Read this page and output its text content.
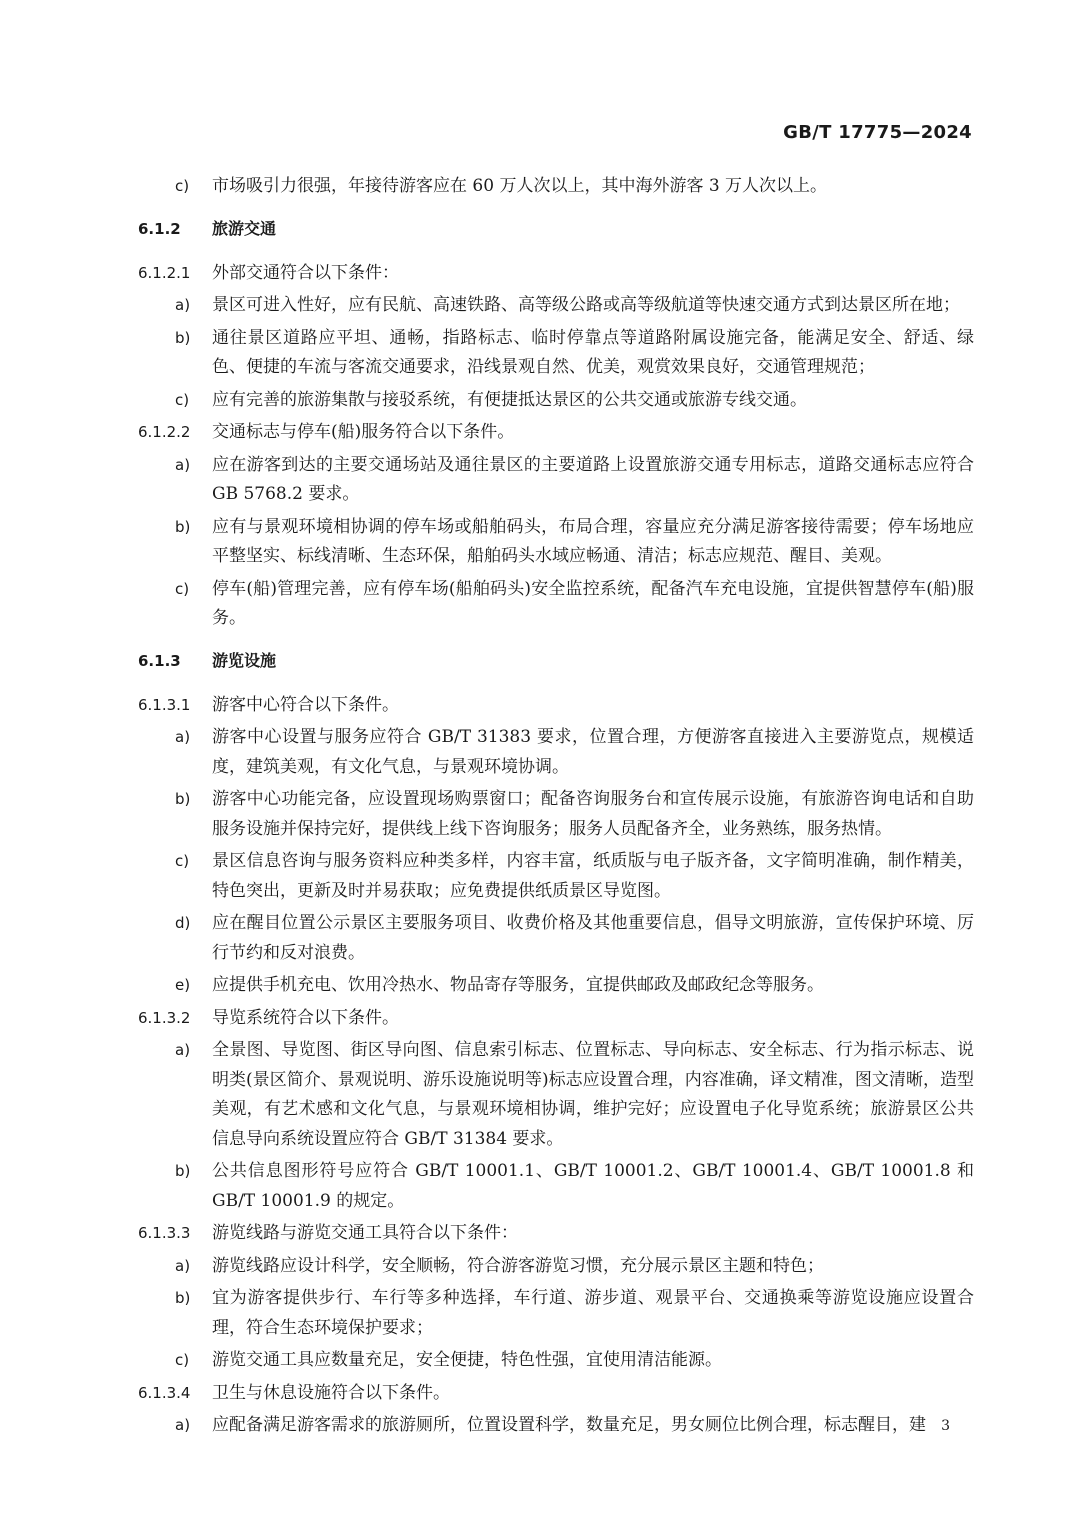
GB/T 17775—2024
c) 市场吸引力很强，年接待游客应在 60 万人次以上，其中海外游客 3 万人次以上。
6.1.2 旅游交通
6.1.2.1 外部交通符合以下条件：
a) 景区可进入性好，应有民航、高速铁路、高等级公路或高等级航道等快速交通方式到达景区所在地；
b) 通往景区道路应平坦、通畅，指路标志、临时停靠点等道路附属设施完备，能满足安全、舒适、绿色、便捷的车流与客流交通要求，沿线景观自然、优美，观赏效果良好，交通管理规范；
c) 应有完善的旅游集散与接驳系统，有便捷抵达景区的公共交通或旅游专线交通。
6.1.2.2 交通标志与停车(船)服务符合以下条件。
a) 应在游客到达的主要交通场站及通往景区的主要道路上设置旅游交通专用标志，道路交通标志应符合 GB 5768.2 要求。
b) 应有与景观环境相协调的停车场或船舶码头，布局合理，容量应充分满足游客接待需要；停车场地应平整坚实、标线清晰、生态环保，船舶码头水域应畅通、清洁；标志应规范、醒目、美观。
c) 停车(船)管理完善，应有停车场(船舶码头)安全监控系统，配备汽车充电设施，宜提供智慧停车(船)服务。
6.1.3 游览设施
6.1.3.1 游客中心符合以下条件。
a) 游客中心设置与服务应符合 GB/T 31383 要求，位置合理，方便游客直接进入主要游览点，规模适度，建筑美观，有文化气息，与景观环境协调。
b) 游客中心功能完备，应设置现场购票窗口；配备咨询服务台和宣传展示设施，有旅游咨询电话和自助服务设施并保持完好，提供线上线下咨询服务；服务人员配备齐全，业务熟练，服务热情。
c) 景区信息咨询与服务资料应种类多样，内容丰富，纸质版与电子版齐备，文字简明准确，制作精美，特色突出，更新及时并易获取；应免费提供纸质景区导览图。
d) 应在醒目位置公示景区主要服务项目、收费价格及其他重要信息，倡导文明旅游，宣传保护环境、厉行节约和反对浪费。
e) 应提供手机充电、饮用冷热水、物品寄存等服务，宜提供邮政及邮政纪念等服务。
6.1.3.2 导览系统符合以下条件。
a) 全景图、导览图、街区导向图、信息索引标志、位置标志、导向标志、安全标志、行为指示标志、说明类(景区简介、景观说明、游乐设施说明等)标志应设置合理，内容准确，译文精准，图文清晰，造型美观，有艺术感和文化气息，与景观环境相协调，维护完好；应设置电子化导览系统；旅游景区公共信息导向系统设置应符合 GB/T 31384 要求。
b) 公共信息图形符号应符合 GB/T 10001.1、GB/T 10001.2、GB/T 10001.4、GB/T 10001.8 和 GB/T 10001.9 的规定。
6.1.3.3 游览线路与游览交通工具符合以下条件：
a) 游览线路应设计科学，安全顺畅，符合游客游览习惯，充分展示景区主题和特色；
b) 宜为游客提供步行、车行等多种选择，车行道、游步道、观景平台、交通换乘等游览设施应设置合理，符合生态环境保护要求；
c) 游览交通工具应数量充足，安全便捷，特色性强，宜使用清洁能源。
6.1.3.4 卫生与休息设施符合以下条件。
a) 应配备满足游客需求的旅游厕所，位置设置科学，数量充足，男女厕位比例合理，标志醒目，建	3
